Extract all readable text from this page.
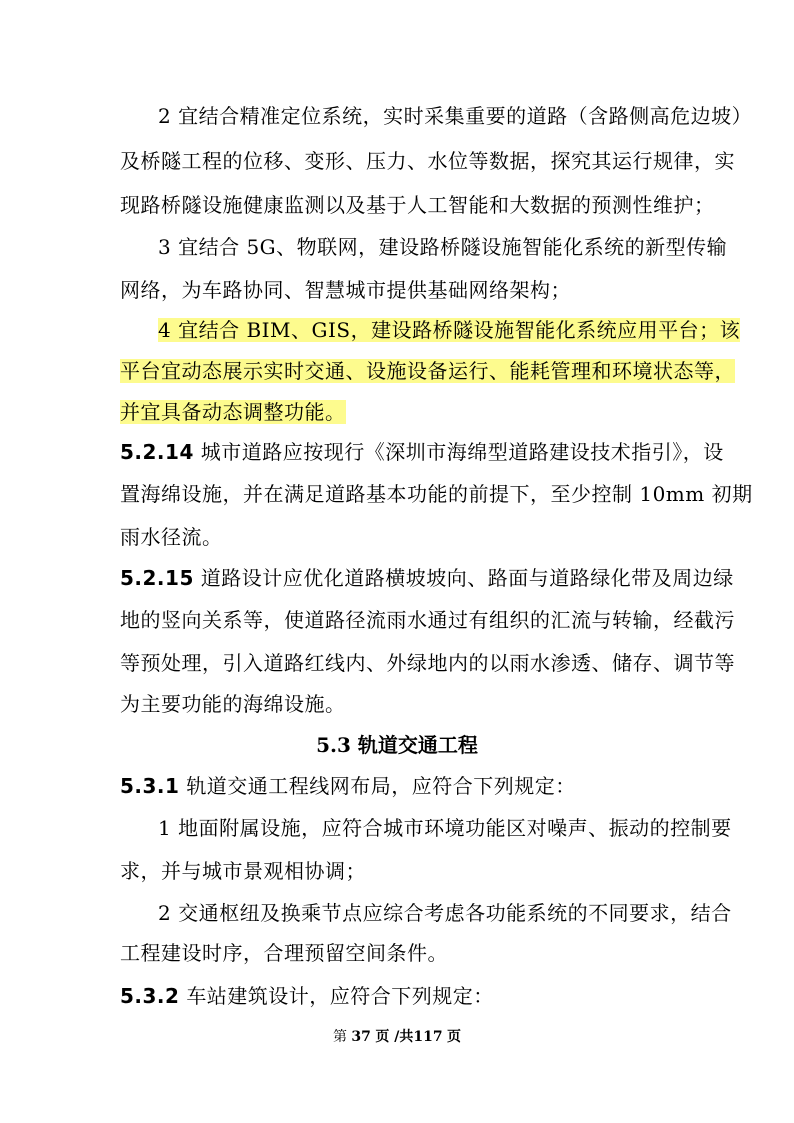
2 宜结合精准定位系统，实时采集重要的道路（含路侧高危边坡）
及桥隧工程的位移、变形、压力、水位等数据，探究其运行规律，实
现路桥隧设施健康监测以及基于人工智能和大数据的预测性维护；
3 宜结合 5G、物联网，建设路桥隧设施智能化系统的新型传输
网络，为车路协同、智慧城市提供基础网络架构；
4 宜结合 BIM、GIS，建设路桥隧设施智能化系统应用平台；该
平台宜动态展示实时交通、设施设备运行、能耗管理和环境状态等，
并宜具备动态调整功能。
5.2.14 城市道路应按现行《深圳市海绵型道路建设技术指引》，设
置海绵设施，并在满足道路基本功能的前提下，至少控制 10mm 初期
雨水径流。
5.2.15 道路设计应优化道路横坡坡向、路面与道路绿化带及周边绿
地的竖向关系等，使道路径流雨水通过有组织的汇流与转输，经截污
等预处理，引入道路红线内、外绿地内的以雨水渗透、储存、调节等
为主要功能的海绵设施。
5.3 轨道交通工程
5.3.1 轨道交通工程线网布局，应符合下列规定：
1 地面附属设施，应符合城市环境功能区对噪声、振动的控制要
求，并与城市景观相协调；
2 交通枢纽及换乘节点应综合考虑各功能系统的不同要求，结合
工程建设时序，合理预留空间条件。
5.3.2 车站建筑设计，应符合下列规定：
第 37 页 /共117 页
